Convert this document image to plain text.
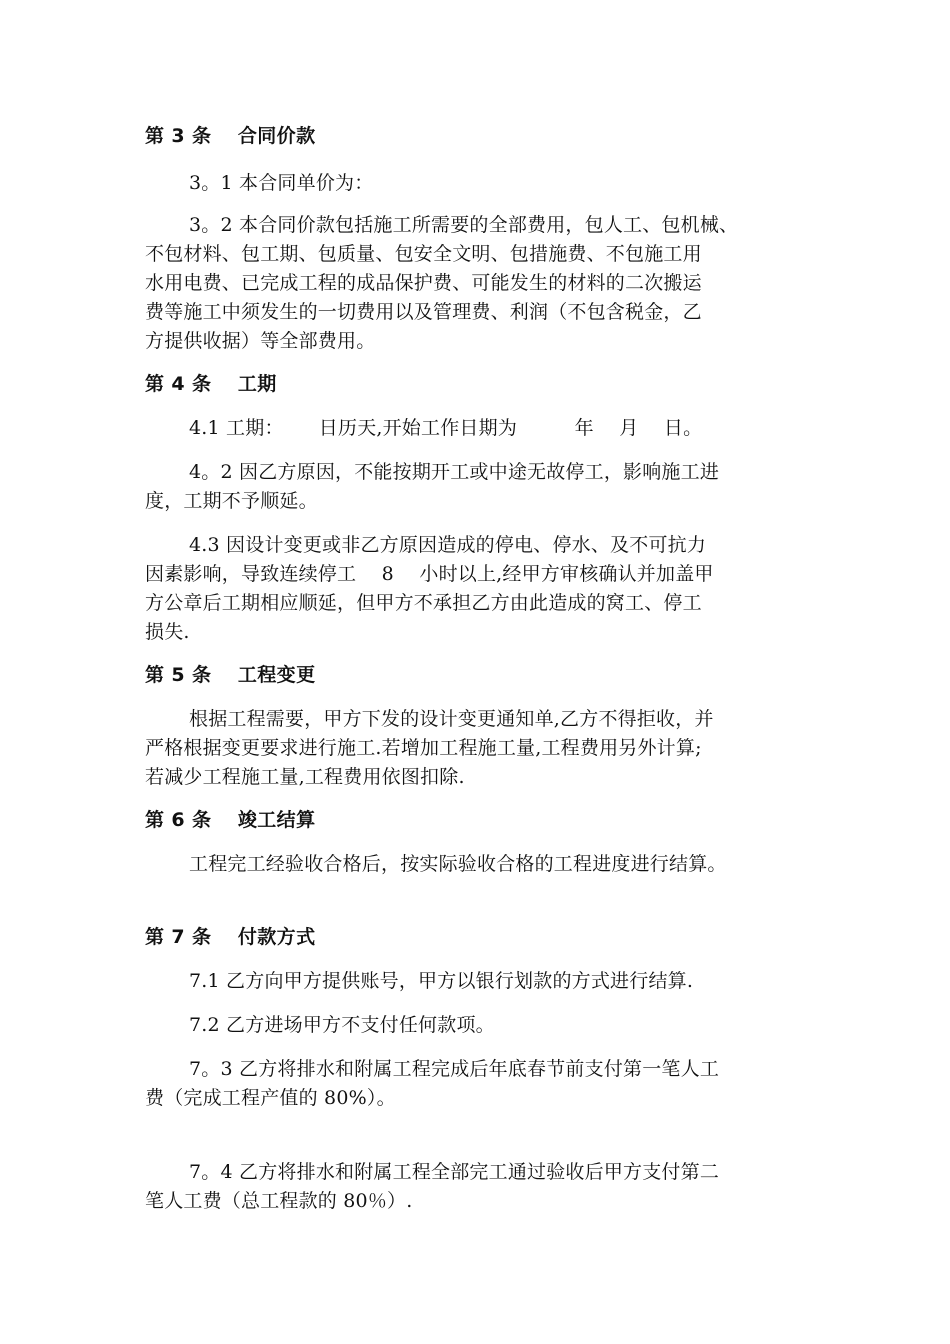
第 3 条　 合同价款
3。1 本合同单价为：
3。2 本合同价款包括施工所需要的全部费用，包人工、包机械、
不包材料、包工期、包质量、包安全文明、包措施费、不包施工用
水用电费、已完成工程的成品保护费、可能发生的材料的二次搬运
费等施工中须发生的一切费用以及管理费、利润（不包含税金，乙
方提供收据）等全部费用。
第 4 条　 工期
4.1 工期：　　 日历天,开始工作日期为　　　年　 月　 日。
4。2 因乙方原因，不能按期开工或中途无故停工，影响施工进
度，工期不予顺延。
4.3 因设计变更或非乙方原因造成的停电、停水、及不可抗力
因素影响，导致连续停工　 8　 小时以上,经甲方审核确认并加盖甲
方公章后工期相应顺延，但甲方不承担乙方由此造成的窝工、停工
损失.
第 5 条　 工程变更
根据工程需要，甲方下发的设计变更通知单,乙方不得拒收，并
严格根据变更要求进行施工.若增加工程施工量,工程费用另外计算;
若减少工程施工量,工程费用依图扣除.
第 6 条　 竣工结算
工程完工经验收合格后，按实际验收合格的工程进度进行结算。
第 7 条　 付款方式
7.1 乙方向甲方提供账号，甲方以银行划款的方式进行结算.
7.2 乙方进场甲方不支付任何款项。
7。3 乙方将排水和附属工程完成后年底春节前支付第一笔人工
费（完成工程产值的 80%）。
7。4 乙方将排水和附属工程全部完工通过验收后甲方支付第二
笔人工费（总工程款的 80％）.
